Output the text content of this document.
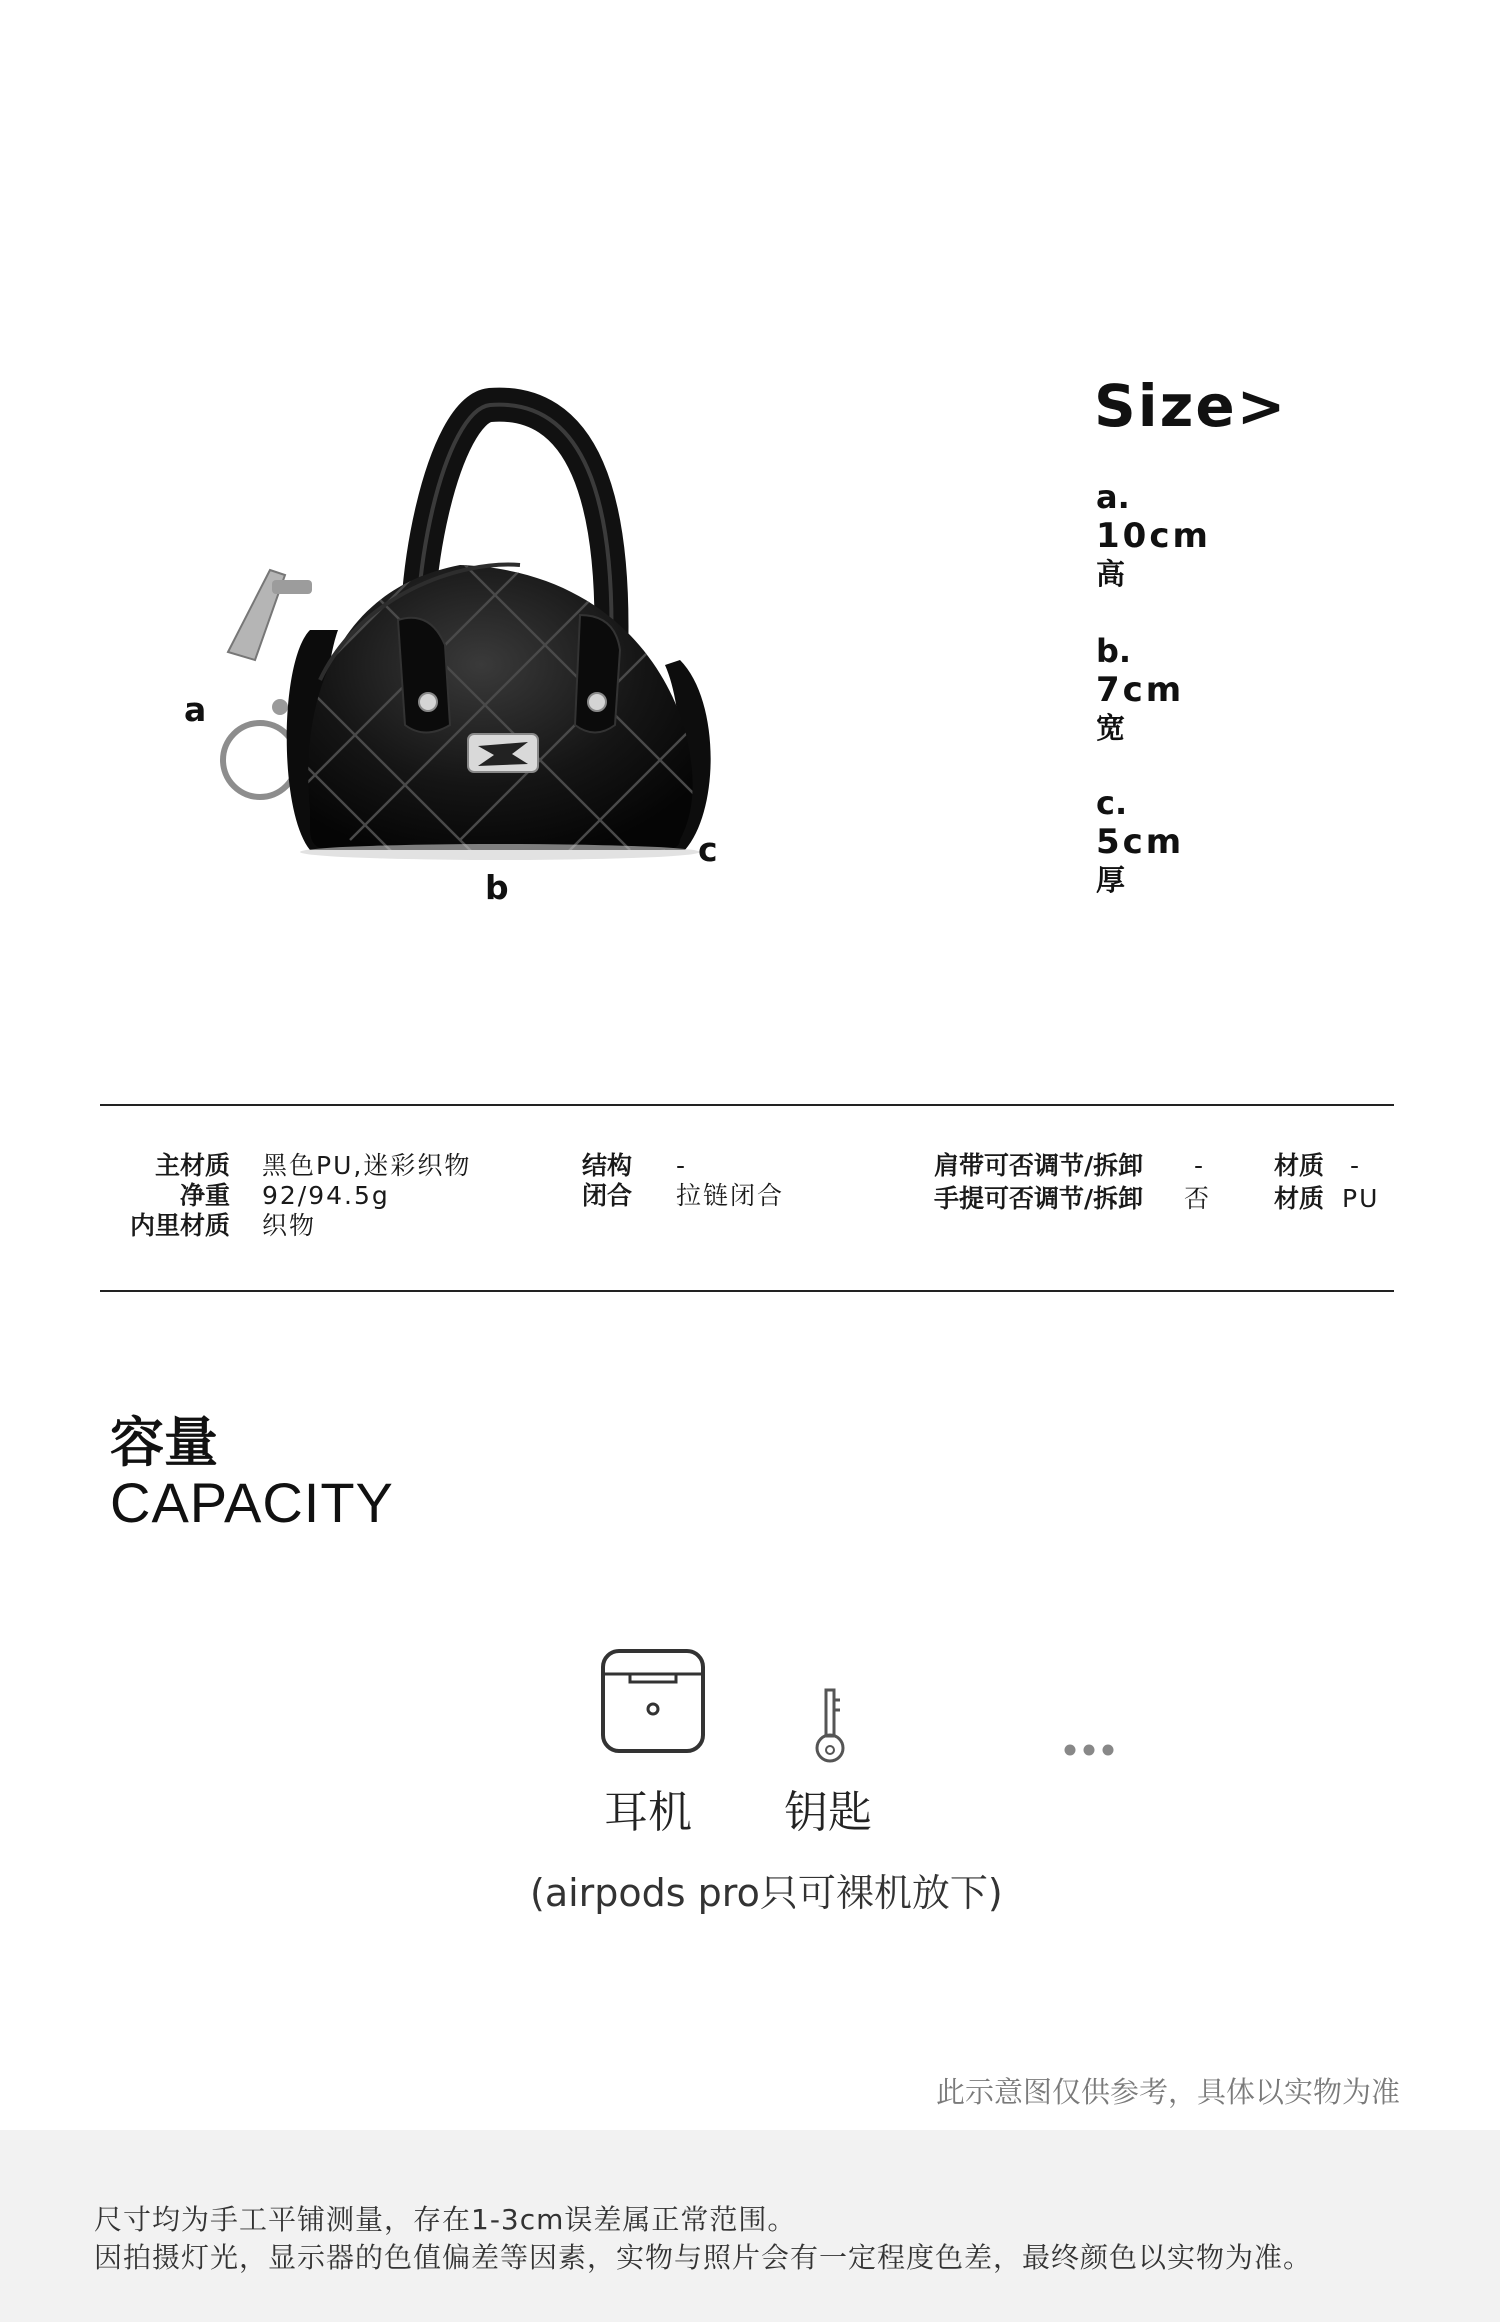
a
b
c
Size>
a.
10cm
高
b.
7cm
宽
c.
5cm
厚
主材质 黑色PU,迷彩织物
净重 92/94.5g
内里材质 织物
结构 -
闭合 拉链闭合
肩带可否调节/拆卸 -
手提可否调节/拆卸 否
材质 -
材质 PU
容量
CAPACITY
耳机 钥匙
(airpods pro只可裸机放下)
此示意图仅供参考，具体以实物为准
尺寸均为手工平铺测量，存在1-3cm误差属正常范围。
因拍摄灯光，显示器的色值偏差等因素，实物与照片会有一定程度色差，最终颜色以实物为准。
